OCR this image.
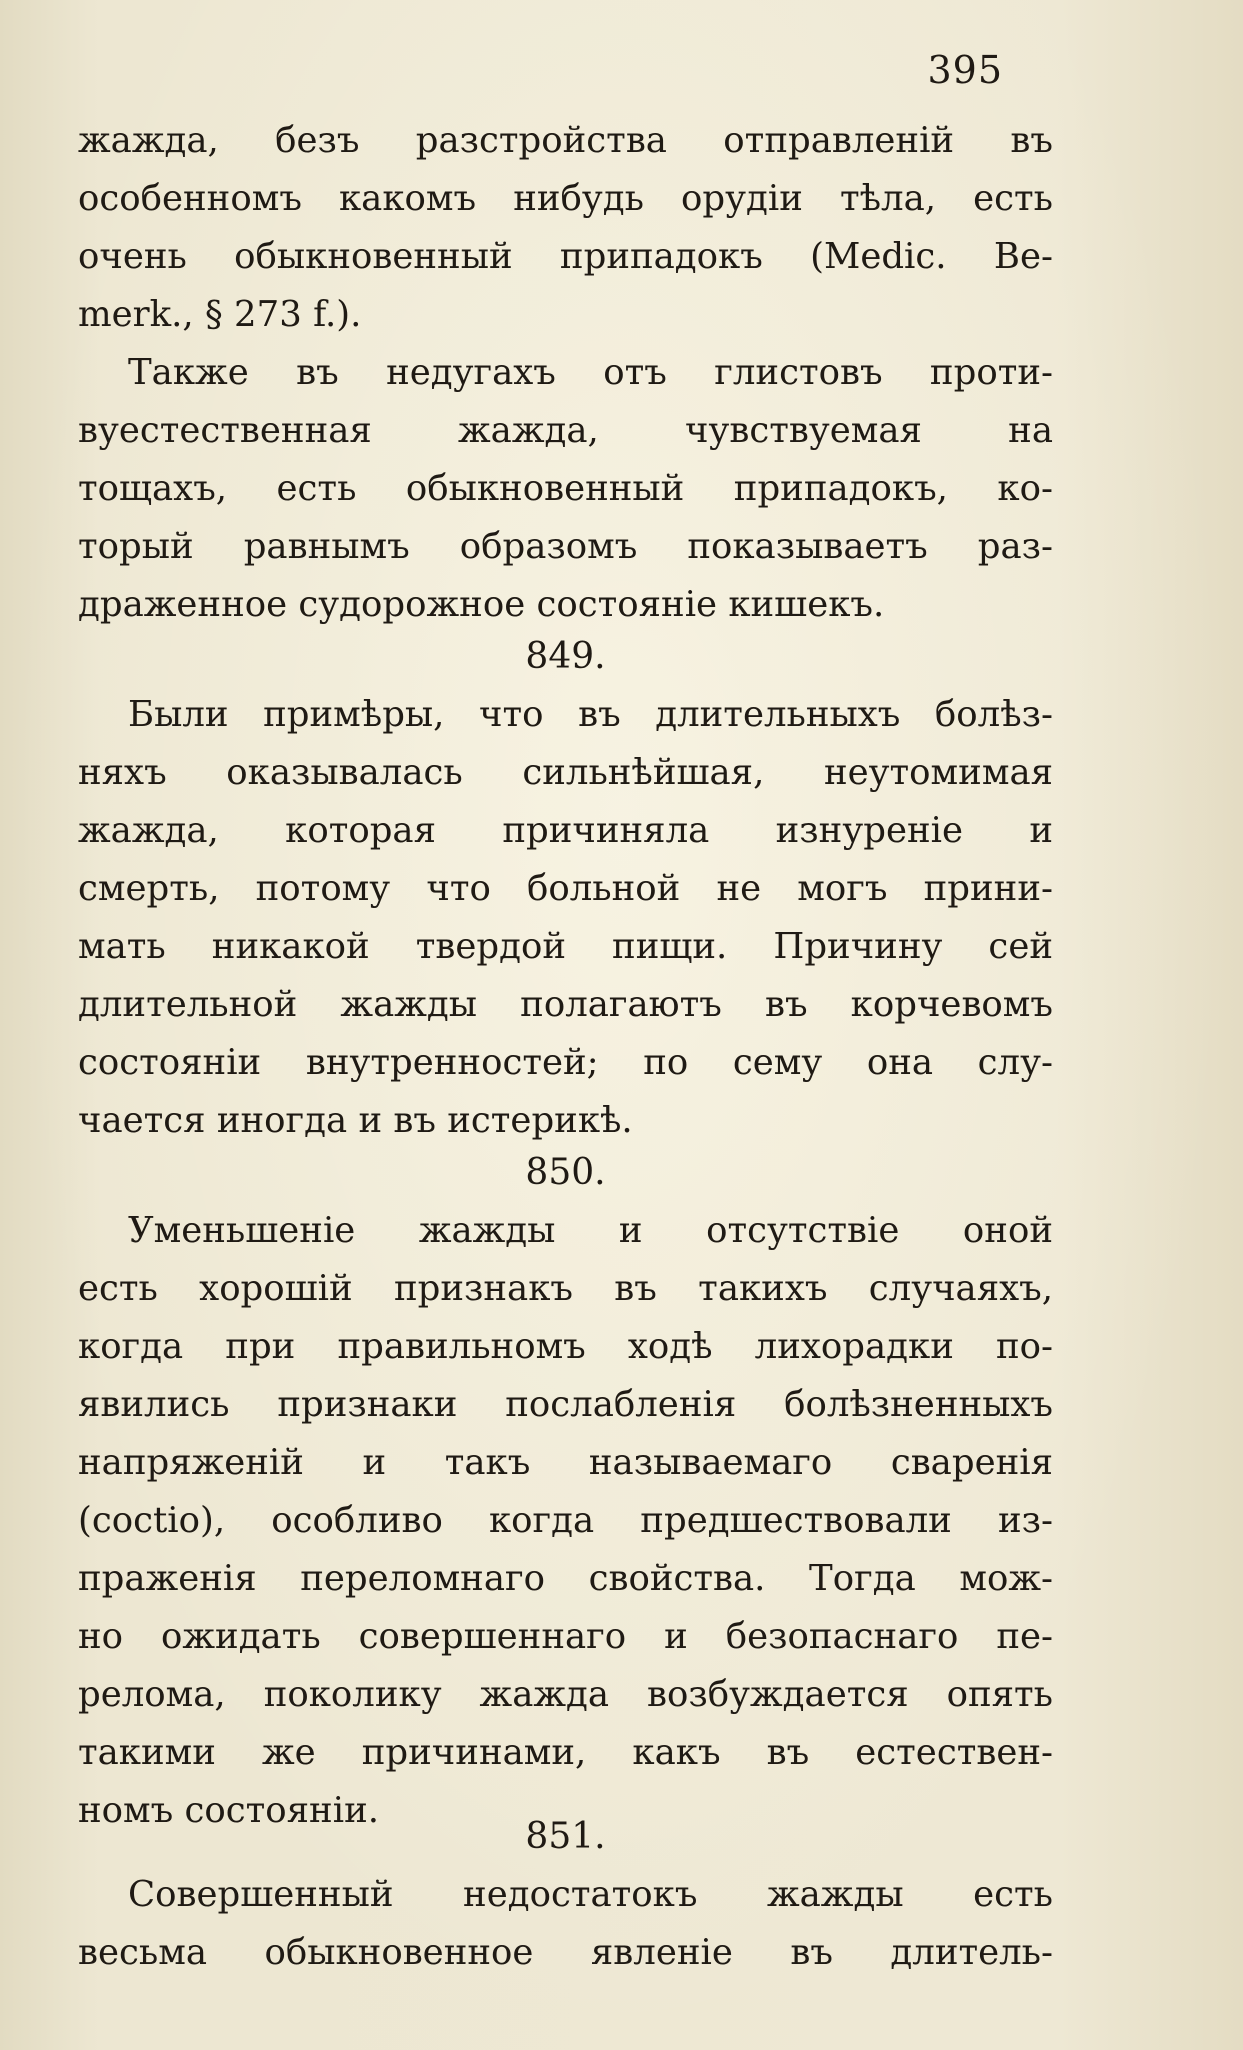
395
жажда, безъ разстройства отправленій въ
особенномъ какомъ нибудь орудіи тѣла, есть
очень обыкновенный припадокъ (Medic. Be-
merk., § 273 f.).
Также въ недугахъ отъ глистовъ проти-
вуестественная жажда, чувствуемая на
тощахъ, есть обыкновенный припадокъ, ко-
торый равнымъ образомъ показываетъ раз-
драженное судорожное состояніе кишекъ.
849.
Были примѣры, что въ длительныхъ болѣз-
няхъ оказывалась сильнѣйшая, неутомимая
жажда, которая причиняла изнуреніе и
смерть, потому что больной не могъ прини-
мать никакой твердой пищи. Причину сей
длительной жажды полагаютъ въ корчевомъ
состояніи внутренностей; по сему она слу-
чается иногда и въ истерикѣ.
850.
Уменьшеніе жажды и отсутствіе оной
есть хорошій признакъ въ такихъ случаяхъ,
когда при правильномъ ходѣ лихорадки по-
явились признаки послабленія болѣзненныхъ
напряженій и такъ называемаго сваренія
(coctio), особливо когда предшествовали из-
праженія переломнаго свойства. Тогда мож-
но ожидать совершеннаго и безопаснаго пе-
релома, поколику жажда возбуждается опять
такими же причинами, какъ въ естествен-
номъ состояніи.
851.
Совершенный недостатокъ жажды есть
весьма обыкновенное явленіе въ длитель-
